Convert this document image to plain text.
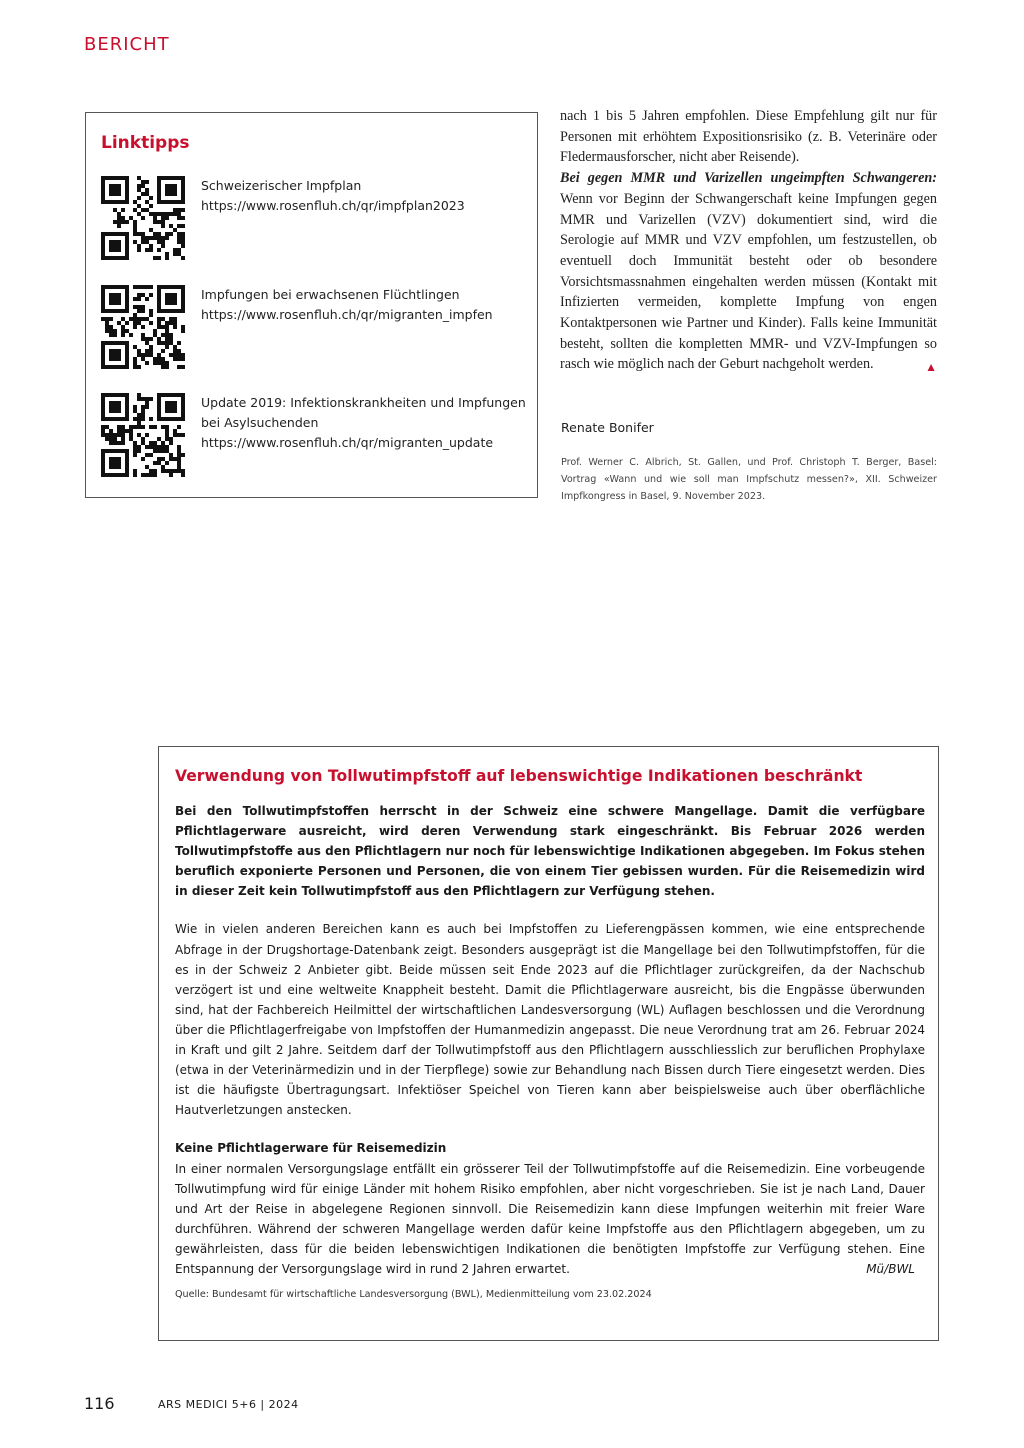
BERICHT
Linktipps
Schweizerischer Impfplan
https://www.rosenfluh.ch/qr/impfplan2023
Impfungen bei erwachsenen Flüchtlingen
https://www.rosenfluh.ch/qr/migranten_impfen
Update 2019: Infektionskrankheiten und Impfungen bei Asylsuchenden
https://www.rosenfluh.ch/qr/migranten_update

nach 1 bis 5 Jahren empfohlen. Diese Empfehlung gilt nur für Personen mit erhöhtem Expositionsrisiko (z. B. Veterinäre oder Fledermausforscher, nicht aber Reisende).

Bei gegen MMR und Varizellen ungeimpften Schwangeren: Wenn vor Beginn der Schwangerschaft keine Impfungen gegen MMR und Varizellen (VZV) dokumentiert sind, wird die Serologie auf MMR und VZV empfohlen, um festzustellen, ob eventuell doch Immunität besteht oder ob besondere Vorsichtsmassnahmen eingehalten werden müssen (Kontakt mit Infizierten vermeiden, komplette Impfung von engen Kontaktpersonen wie Partner und Kinder). Falls keine Immunität besteht, sollten die kompletten MMR- und VZV-Impfungen so rasch wie möglich nach der Geburt nachgeholt werden.	▲

Renate Bonifer
Prof. Werner C. Albrich, St. Gallen, und Prof. Christoph T. Berger, Basel: Vortrag «Wann und wie soll man Impfschutz messen?», XII. Schweizer Impfkongress in Basel, 9. November 2023.

Verwendung von Tollwutimpfstoff auf lebenswichtige Indikationen beschränkt

Bei den Tollwutimpfstoffen herrscht in der Schweiz eine schwere Mangellage. Damit die verfügbare Pflichtlagerware ausreicht, wird deren Verwendung stark eingeschränkt. Bis Februar 2026 werden Tollwutimpfstoffe aus den Pflichtlagern nur noch für lebenswichtige Indikationen abgegeben. Im Fokus stehen beruflich exponierte Personen und Personen, die von einem Tier gebissen wurden. Für die Reisemedizin wird in dieser Zeit kein Tollwutimpfstoff aus den Pflichtlagern zur Verfügung stehen.

Wie in vielen anderen Bereichen kann es auch bei Impfstoffen zu Lieferengpässen kommen, wie eine entsprechende Abfrage in der Drugshortage-Datenbank zeigt. Besonders ausgeprägt ist die Mangellage bei den Tollwutimpfstoffen, für die es in der Schweiz 2 Anbieter gibt. Beide müssen seit Ende 2023 auf die Pflichtlager zurückgreifen, da der Nachschub verzögert ist und eine weltweite Knappheit besteht. Damit die Pflichtlagerware ausreicht, bis die Engpässe überwunden sind, hat der Fachbereich Heilmittel der wirtschaftlichen Landesversorgung (WL) Auflagen beschlossen und die Verordnung über die Pflichtlagerfreigabe von Impfstoffen der Humanmedizin angepasst. Die neue Verordnung trat am 26. Februar 2024 in Kraft und gilt 2 Jahre. Seitdem darf der Tollwutimpfstoff aus den Pflichtlagern ausschliesslich zur beruflichen Prophylaxe (etwa in der Veterinärmedizin und in der Tierpflege) sowie zur Behandlung nach Bissen durch Tiere eingesetzt werden. Dies ist die häufigste Übertragungsart. Infektiöser Speichel von Tieren kann aber beispielsweise auch über oberflächliche Hautverletzungen anstecken.

Keine Pflichtlagerware für Reisemedizin

In einer normalen Versorgungslage entfällt ein grösserer Teil der Tollwutimpfstoffe auf die Reisemedizin. Eine vorbeugende Tollwutimpfung wird für einige Länder mit hohem Risiko empfohlen, aber nicht vorgeschrieben. Sie ist je nach Land, Dauer und Art der Reise in abgelegene Regionen sinnvoll. Die Reisemedizin kann diese Impfungen weiterhin mit freier Ware durchführen. Während der schweren Mangellage werden dafür keine Impfstoffe aus den Pflichtlagern abgegeben, um zu gewährleisten, dass für die beiden lebenswichtigen Indikationen die benötigten Impfstoffe zur Verfügung stehen. Eine Entspannung der Versorgungslage wird in rund 2 Jahren erwartet.	Mü/BWL

Quelle: Bundesamt für wirtschaftliche Landesversorgung (BWL), Medienmitteilung vom 23.02.2024

116	ARS MEDICI 5+6 | 2024
